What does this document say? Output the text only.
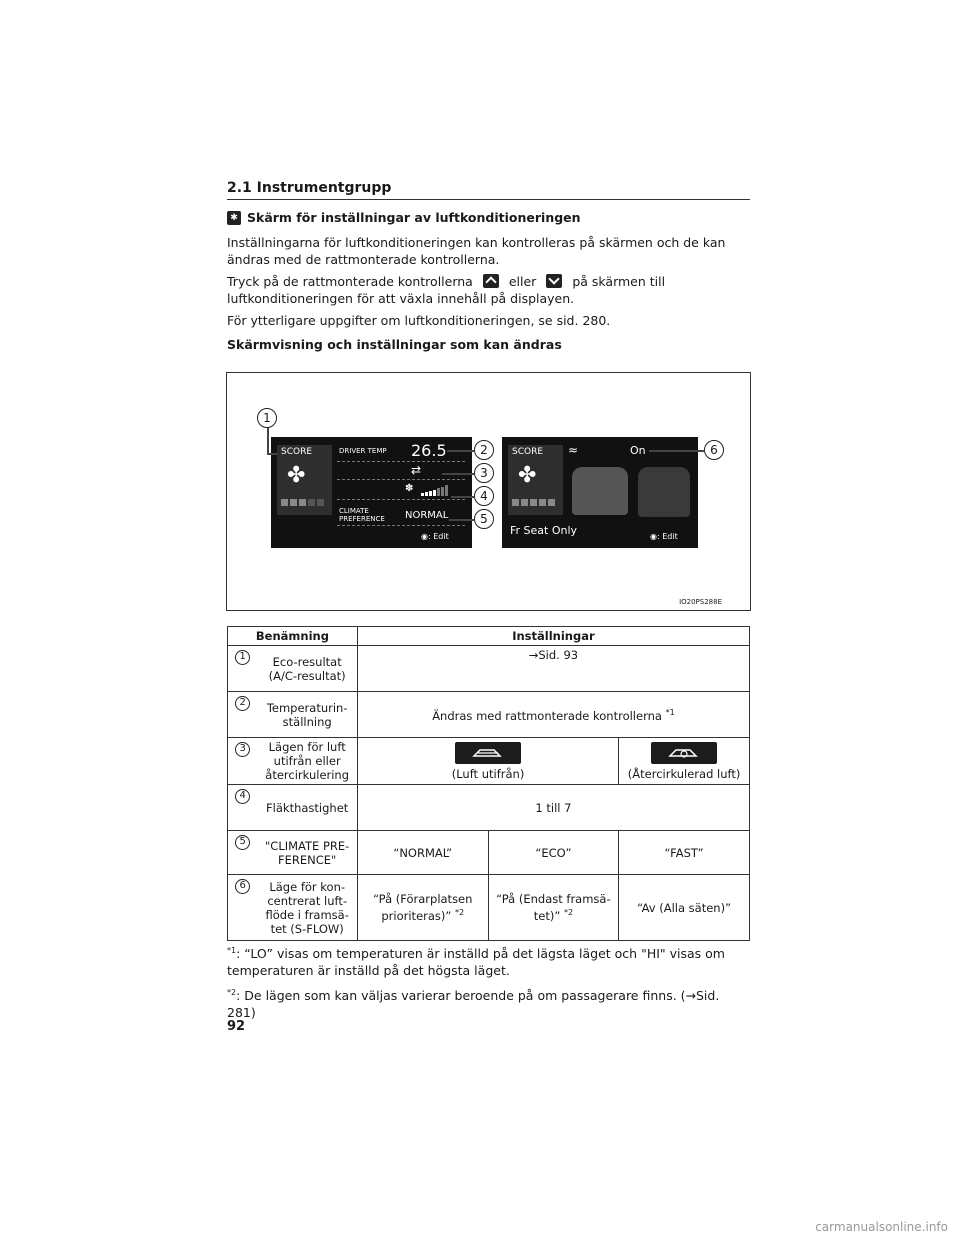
2.1 Instrumentgrupp
✱ Skärm för inställningar av luftkonditioneringen
Inställningarna för luftkonditioneringen kan kontrolleras på skärmen och de kan ändras med de rattmonterade kontrollerna.
Tryck på de rattmonterade kontrollerna	eller	på skärmen till luftkonditioneringen för att växla innehåll på displayen.
För ytterligare uppgifter om luftkonditioneringen, se sid. 280.
Skärmvisning och inställningar som kan ändras
SCORE
✤
DRIVER TEMP 26.5
⇄
✽
CLIMATE
PREFERENCE NORMAL
◉: Edit
SCORE
✤
≈	On
Fr Seat Only	◉: Edit
1
2
3
4
5
6
IO20PS288E
Benämning		Inställningar		
1	Eco-resultat (A/C-resultat)	→Sid. 93		
2	Temperaturin-ställning	Ändras med rattmonterade kontrollerna $^{*1}$
3	Lägen för luft utifrån eller återcirkulering	(Luft utifrån)		(Återcirkulerad luft)
4	Fläkthastighet	1 till 7		
5	"CLIMATE PRE-FERENCE"	“NORMAL”	“ECO”	“FAST”
6	Läge för kon-centrerat luft-flöde i framsä-tet (S-FLOW)	“På (Förarplatsen prioriteras)” $^{*2}$	“På (Endast framsä-tet)” $^{*2}$	“Av (Alla säten)”
$^{*1}$: “LO” visas om temperaturen är inställd på det lägsta läget och "HI" visas om temperaturen är inställd på det högsta läget.
$^{*2}$: De lägen som kan väljas varierar beroende på om passagerare finns. (→Sid. 281)
92
carmanualsonline.info
